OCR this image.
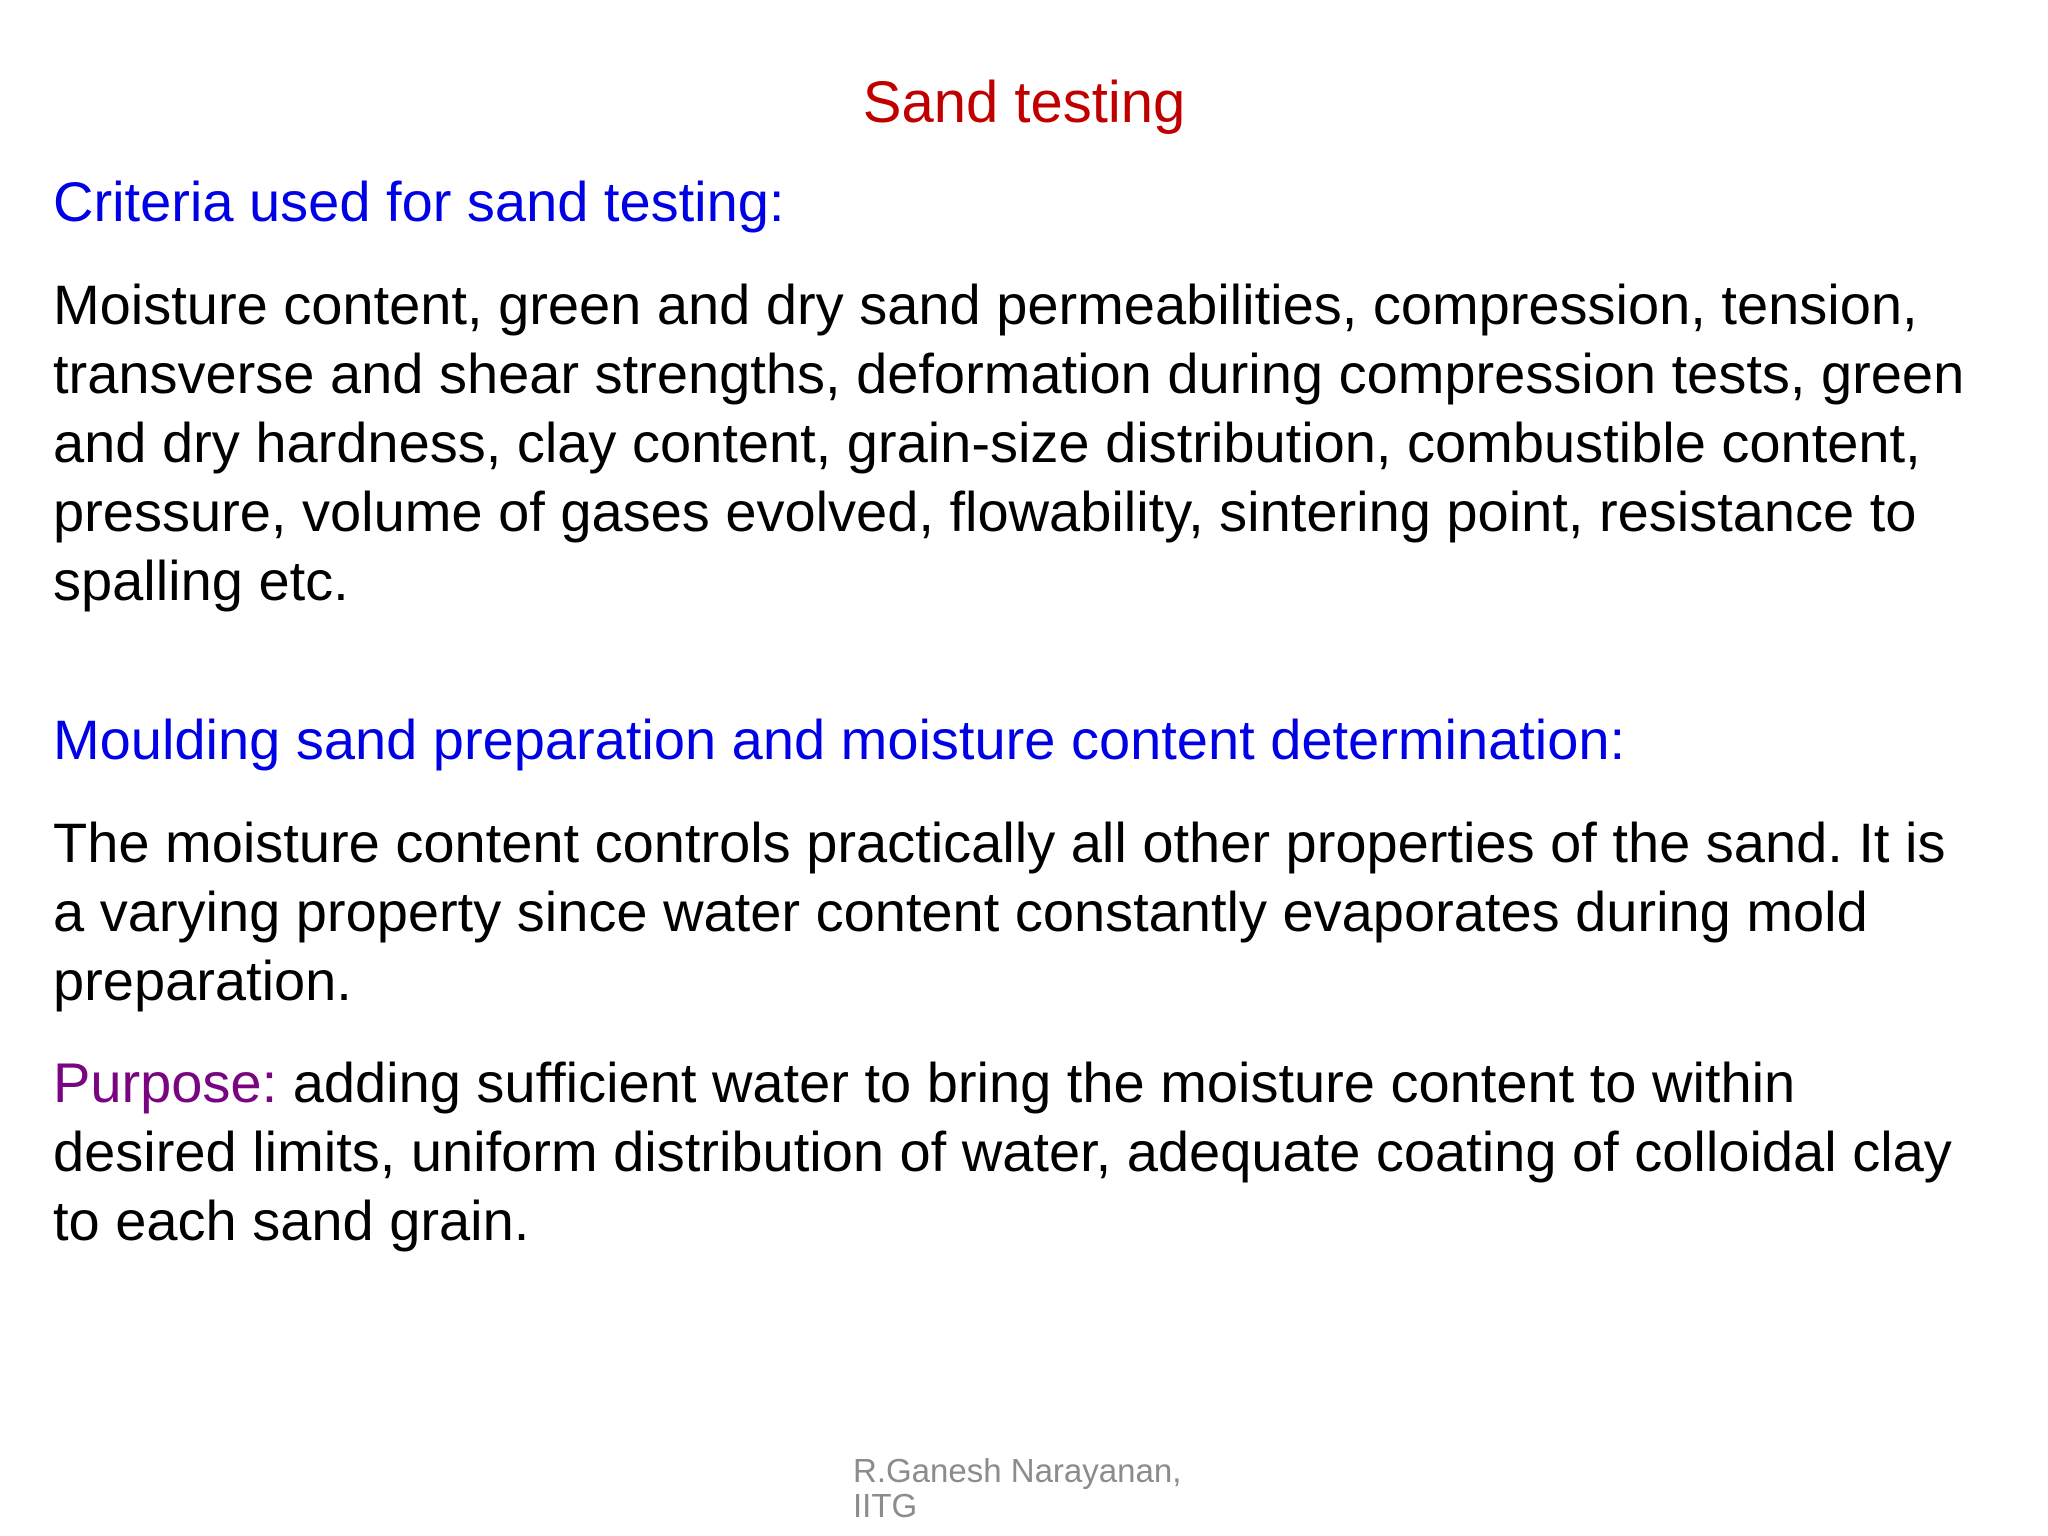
Sand testing
Criteria used for sand testing:
Moisture content, green and dry sand permeabilities, compression, tension,
transverse and shear strengths, deformation during compression tests, green
and dry hardness, clay content, grain-size distribution, combustible content,
pressure, volume of gases evolved, flowability, sintering point, resistance to
spalling etc.
Moulding sand preparation and moisture content determination:
The moisture content controls practically all other properties of the sand. It is
a varying property since water content constantly evaporates during mold
preparation.
Purpose: adding sufficient water to bring the moisture content to within
desired limits, uniform distribution of water, adequate coating of colloidal clay
to each sand grain.
R.Ganesh Narayanan,
IITG
